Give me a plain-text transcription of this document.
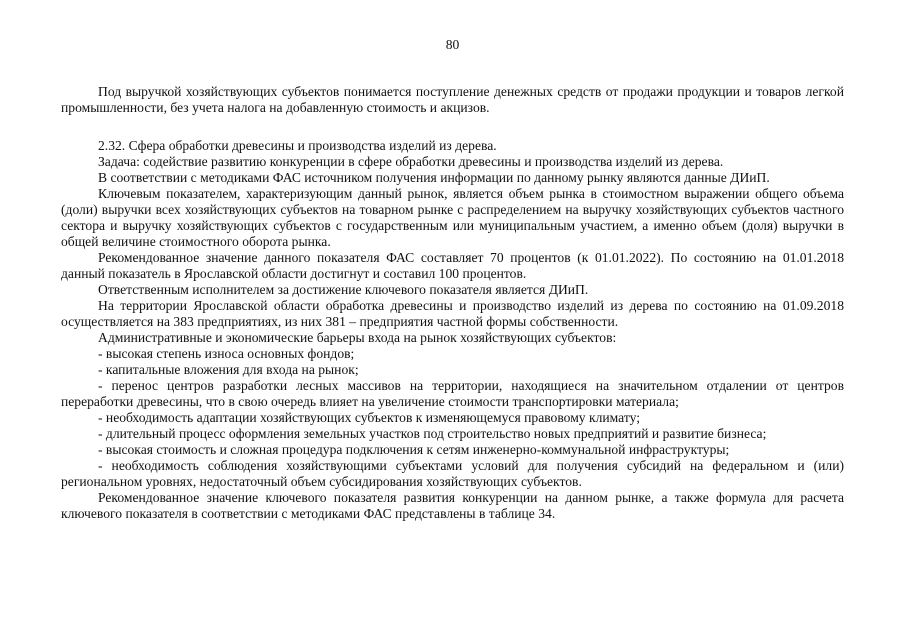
80

Под выручкой хозяйствующих субъектов понимается поступление денежных средств от продажи продукции и товаров легкой промышленности, без учета налога на добавленную стоимость и акцизов.

2.32. Сфера обработки древесины и производства изделий из дерева.

Задача: содействие развитию конкуренции в сфере обработки древесины и производства изделий из дерева.

В соответствии с методиками ФАС источником получения информации по данному рынку являются данные ДИиП.

Ключевым показателем, характеризующим данный рынок, является объем рынка в стоимостном выражении общего объема (доли) выручки всех хозяйствующих субъектов на товарном рынке с распределением на выручку хозяйствующих субъектов частного сектора и выручку хозяйствующих субъектов с государственным или муниципальным участием, а именно объем (доля) выручки в общей величине стоимостного оборота рынка.

Рекомендованное значение данного показателя ФАС составляет 70 процентов (к 01.01.2022). По состоянию на 01.01.2018 данный показатель в Ярославской области достигнут и составил 100 процентов.

Ответственным исполнителем за достижение ключевого показателя является ДИиП.

На территории Ярославской области обработка древесины и производство изделий из дерева по состоянию на 01.09.2018 осуществляется на 383 предприятиях, из них 381 – предприятия частной формы собственности.

Административные и экономические барьеры входа на рынок хозяйствующих субъектов:

- высокая степень износа основных фондов;

- капитальные вложения для входа на рынок;

- перенос центров разработки лесных массивов на территории, находящиеся на значительном отдалении от центров переработки древесины, что в свою очередь влияет на увеличение стоимости транспортировки материала;

- необходимость адаптации хозяйствующих субъектов к изменяющемуся правовому климату;

- длительный процесс оформления земельных участков под строительство новых предприятий и развитие бизнеса;

- высокая стоимость и сложная процедура подключения к сетям инженерно-коммунальной инфраструктуры;

- необходимость соблюдения хозяйствующими субъектами условий для получения субсидий на федеральном и (или) региональном уровнях, недостаточный объем субсидирования хозяйствующих субъектов.

Рекомендованное значение ключевого показателя развития конкуренции на данном рынке, а также формула для расчета ключевого показателя в соответствии с методиками ФАС представлены в таблице 34.
